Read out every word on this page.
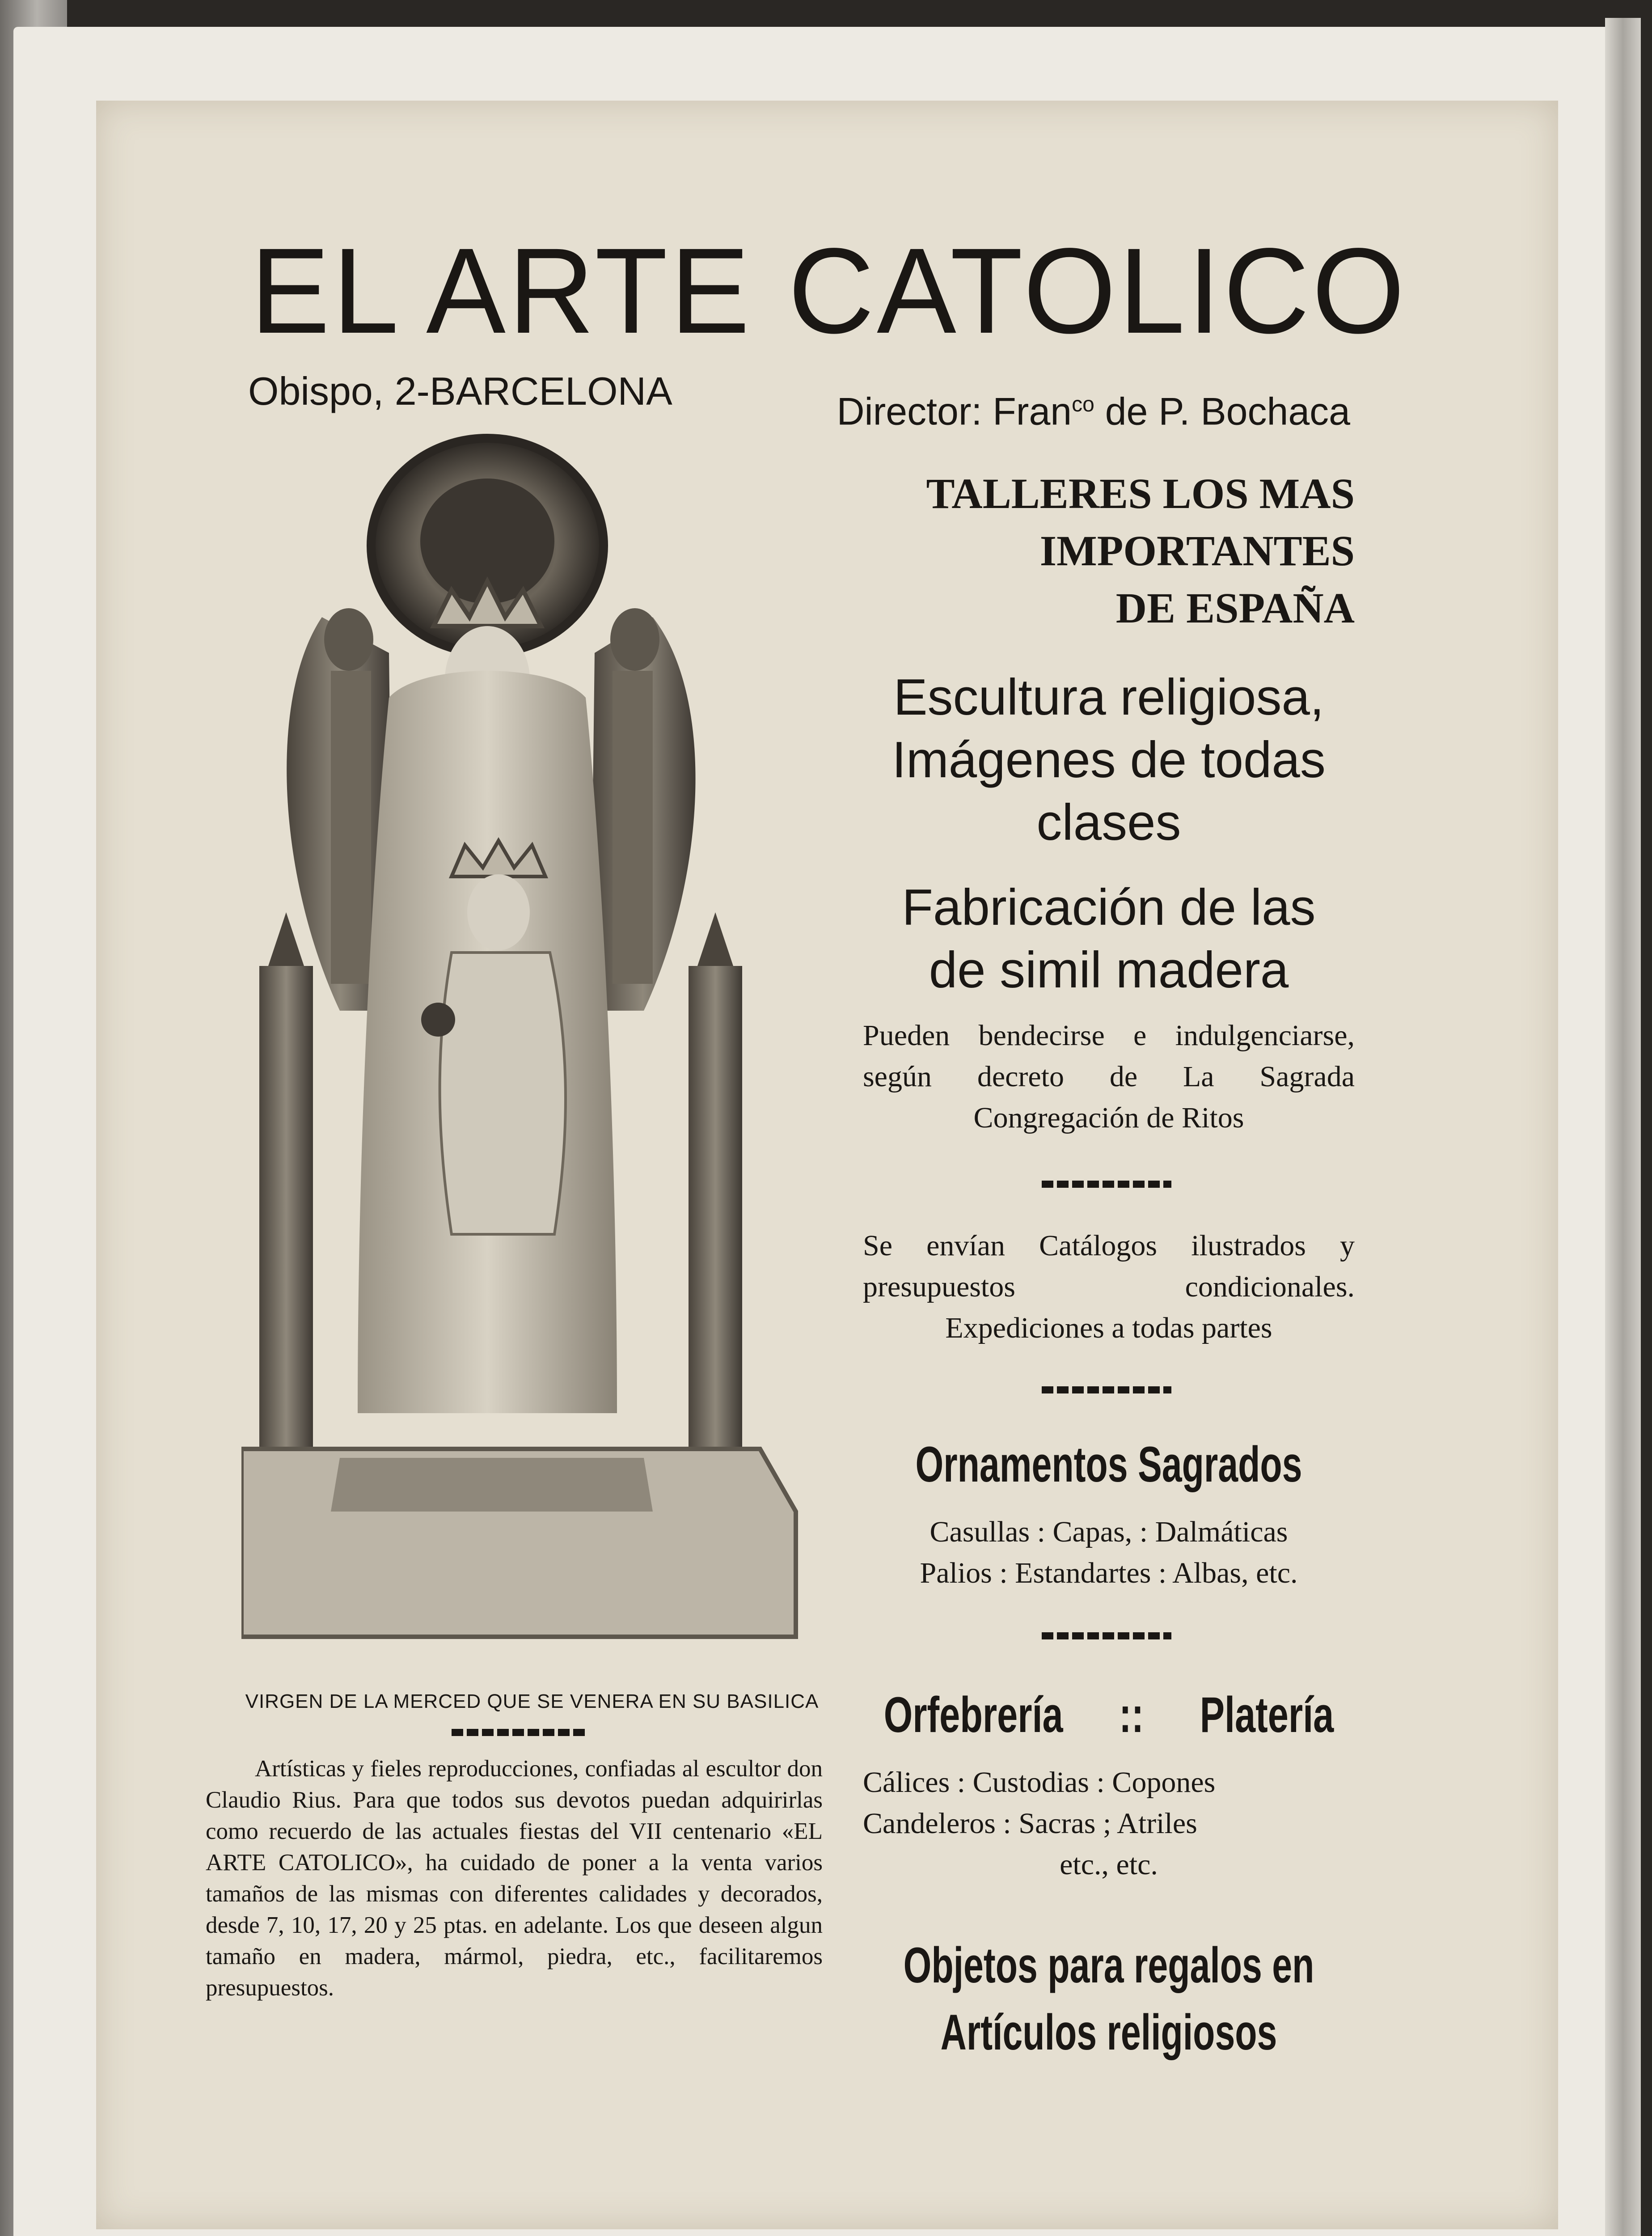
EL ARTE CATOLICO
Obispo, 2-BARCELONA	Director: Fran$^{co}$ de P. Bochaca
VIRGEN DE LA MERCED QUE SE VENERA EN SU BASILICA
Artísticas y fieles reproducciones, confiadas al escultor don Claudio Rius. Para que todos sus devotos puedan adquirirlas como recuerdo de las actuales fiestas del VII centenario «EL ARTE CATOLICO», ha cuidado de poner a la venta varios tamaños de las mismas con diferentes calidades y decorados, desde 7, 10, 17, 20 y 25 ptas. en adelante. Los que deseen algun tamaño en madera, mármol, piedra, etc., facilitaremos presupuestos.
TALLERES LOS MAS
IMPORTANTES
DE ESPAÑA
Escultura religiosa,
Imágenes de todas
clases
Fabricación de las
de simil madera
Pueden bendecirse e indulgenciarse, según decreto de La Sagrada Congregación de Ritos
Se envían Catálogos ilustrados y presupuestos condicionales. Expediciones a todas partes
Ornamentos Sagrados
Casullas : Capas, : Dalmáticas
Palios : Estandartes : Albas, etc.
Orfebrería :: Platería
Cálices : Custodias : Copones
Candeleros : Sacras ; Atriles
etc., etc.
Objetos para regalos en
Artículos religiosos
